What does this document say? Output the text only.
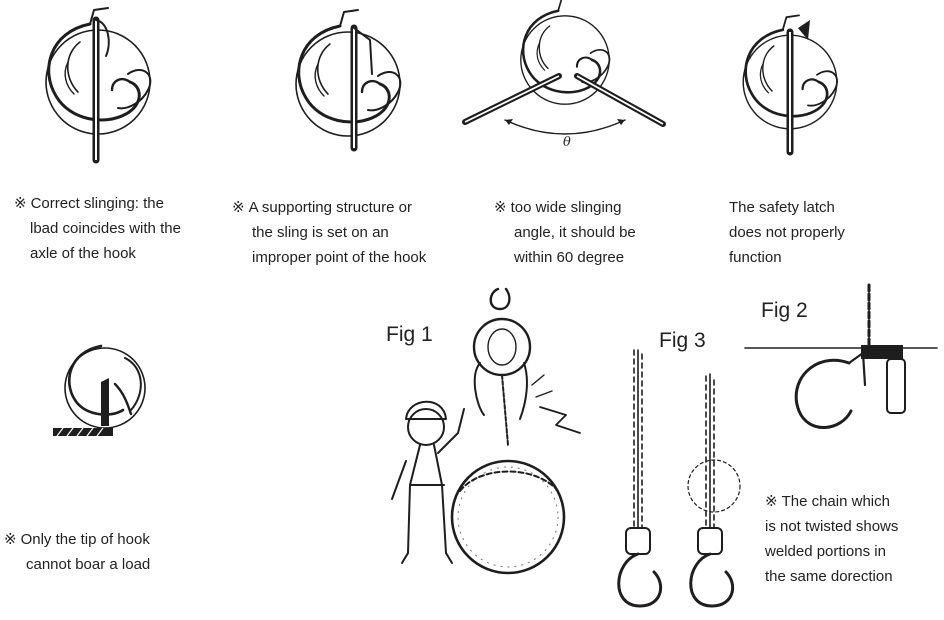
※ Correct slinging: the
lbad coincides with the
axle of the hook
※ A supporting structure or
the sling is set on an
improper point of the hook
θ
※ too wide slinging
angle, it should be
within 60 degree
The safety latch
does not properly
function
※ Only the tip of hook
cannot boar a load
Fig 1	Fig 3
Fig 2
※ The chain which
is not twisted shows
welded portions in
the same dorection
